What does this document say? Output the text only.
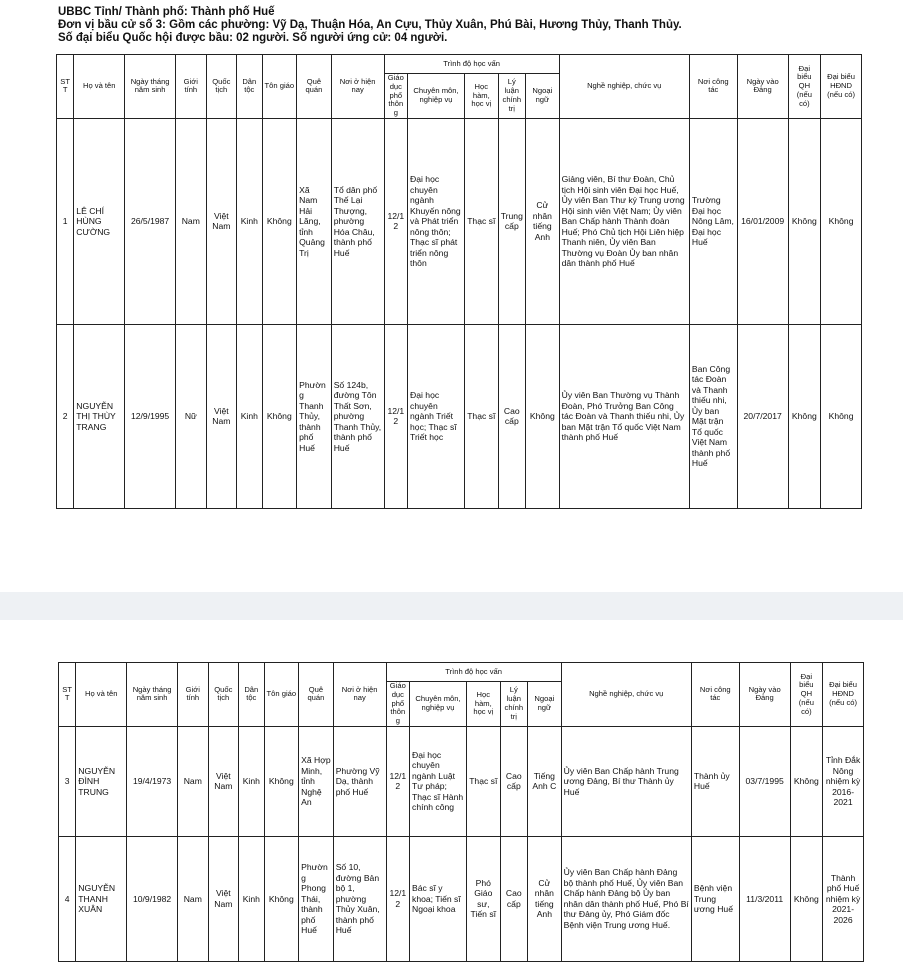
UBBC Tỉnh/ Thành phố: Thành phố Huế
Đơn vị bầu cử số 3: Gồm các phường: Vỹ Dạ, Thuận Hóa, An Cựu, Thủy Xuân, Phú Bài, Hương Thủy, Thanh Thủy.
Số đại biểu Quốc hội được bầu: 02 người. Số người ứng cử: 04 người.
STT	Họ và tên	Ngày tháng năm sinh	Giới tính	Quốc tịch	Dân tộc	Tôn giáo	Quê quán	Nơi ở hiện nay	Trình độ học vấn					Nghề nghiệp, chức vụ	Nơi công tác	Ngày vào Đảng	Đại biểu QH (nếu có)	Đại biểu HĐND (nếu có)
									Giáo dục phổ thông	Chuyên môn, nghiệp vụ	Học hàm, học vị	Lý luận chính trị	Ngoại ngữ					
1	LÊ CHÍ HÙNG CƯỜNG	26/5/1987	Nam	Việt Nam	Kinh	Không	Xã Nam Hải Lăng, tỉnh Quảng Trị	Tổ dân phố Thế Lại Thượng, phường Hóa Châu, thành phố Huế	12/12	Đại học chuyên ngành Khuyến nông và Phát triển nông thôn; Thạc sĩ phát triển nông thôn	Thạc sĩ	Trung cấp	Cử nhân tiếng Anh	Giảng viên, Bí thư Đoàn, Chủ tịch Hội sinh viên Đại học Huế, Ủy viên Ban Thư ký Trung ương Hội sinh viên Việt Nam; Ủy viên Ban Chấp hành Thành đoàn Huế; Phó Chủ tịch Hội Liên hiệp Thanh niên, Ủy viên Ban Thường vụ Đoàn Ủy ban nhân dân thành phố Huế	Trường Đại học Nông Lâm, Đại học Huế	16/01/2009	Không	Không
2	NGUYỄN THỊ THÙY TRANG	12/9/1995	Nữ	Việt Nam	Kinh	Không	Phường Thanh Thủy, thành phố Huế	Số 124b, đường Tôn Thất Sơn, phường Thanh Thủy, thành phố Huế	12/12	Đại học chuyên ngành Triết học; Thạc sĩ Triết học	Thạc sĩ	Cao cấp	Không	Ủy viên Ban Thường vụ Thành Đoàn, Phó Trưởng Ban Công tác Đoàn và Thanh thiếu nhi, Ủy ban Mặt trận Tổ quốc Việt Nam thành phố Huế	Ban Công tác Đoàn và Thanh thiếu nhi, Ủy ban Mặt trận Tổ quốc Việt Nam thành phố Huế	20/7/2017	Không	Không
STT	Họ và tên	Ngày tháng năm sinh	Giới tính	Quốc tịch	Dân tộc	Tôn giáo	Quê quán	Nơi ở hiện nay	Trình độ học vấn					Nghề nghiệp, chức vụ	Nơi công tác	Ngày vào Đảng	Đại biểu QH (nếu có)	Đại biểu HĐND (nếu có)
									Giáo dục phổ thông	Chuyên môn, nghiệp vụ	Học hàm, học vị	Lý luận chính trị	Ngoại ngữ					
3	NGUYỄN ĐÌNH TRUNG	19/4/1973	Nam	Việt Nam	Kinh	Không	Xã Hợp Minh, tỉnh Nghệ An	Phường Vỹ Dạ, thành phố Huế	12/12	Đại học chuyên ngành Luật Tư pháp; Thạc sĩ Hành chính công	Thạc sĩ	Cao cấp	Tiếng Anh C	Ủy viên Ban Chấp hành Trung ương Đảng, Bí thư Thành ủy Huế	Thành ủy Huế	03/7/1995	Không	Tỉnh Đắk Nông nhiệm kỳ 2016-2021
4	NGUYỄN THANH XUÂN	10/9/1982	Nam	Việt Nam	Kinh	Không	Phường Phong Thái, thành phố Huế	Số 10, đường Bản bộ 1, phường Thủy Xuân, thành phố Huế	12/12	Bác sĩ y khoa; Tiến sĩ Ngoại khoa	Phó Giáo sư, Tiến sĩ	Cao cấp	Cử nhân tiếng Anh	Ủy viên Ban Chấp hành Đảng bộ thành phố Huế, Ủy viên Ban Chấp hành Đảng bộ Ủy ban nhân dân thành phố Huế, Phó Bí thư Đảng ủy, Phó Giám đốc Bệnh viện Trung ương Huế.	Bệnh viện Trung ương Huế	11/3/2011	Không	Thành phố Huế nhiệm kỳ 2021-2026
